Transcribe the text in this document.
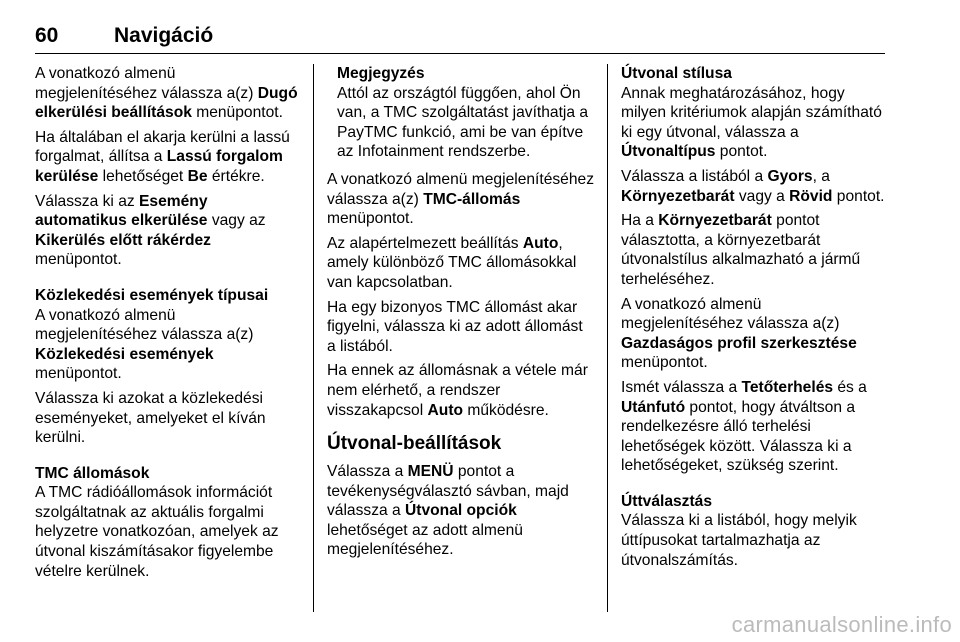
60	Navigáció

A vonatkozó almenü megjelenítéséhez válassza a(z) Dugó elkerülési beállítások menüpontot.

Ha általában el akarja kerülni a lassú forgalmat, állítsa a Lassú forgalom kerülése lehetőséget Be értékre.

Válassza ki az Esemény automatikus elkerülése vagy az Kikerülés előtt rákérdez menüpontot.

Közlekedési események típusai
A vonatkozó almenü megjelenítéséhez válassza a(z) Közlekedési események menüpontot.

Válassza ki azokat a közlekedési eseményeket, amelyeket el kíván kerülni.

TMC állomások
A TMC rádióállomások információt szolgáltatnak az aktuális forgalmi helyzetre vonatkozóan, amelyek az útvonal kiszámításakor figyelembe vételre kerülnek.

Megjegyzés
Attól az országtól függően, ahol Ön van, a TMC szolgáltatást javíthatja a PayTMC funkció, ami be van építve az Infotainment rendszerbe.

A vonatkozó almenü megjelenítéséhez válassza a(z) TMC-állomás menüpontot.

Az alapértelmezett beállítás Auto, amely különböző TMC állomásokkal van kapcsolatban.

Ha egy bizonyos TMC állomást akar figyelni, válassza ki az adott állomást a listából.

Ha ennek az állomásnak a vétele már nem elérhető, a rendszer visszakapcsol Auto működésre.

Útvonal-beállítások

Válassza a MENÜ pontot a tevékenységválasztó sávban, majd válassza a Útvonal opciók lehetőséget az adott almenü megjelenítéséhez.

Útvonal stílusa
Annak meghatározásához, hogy milyen kritériumok alapján számítható ki egy útvonal, válassza a Útvonaltípus pontot.

Válassza a listából a Gyors, a Környezetbarát vagy a Rövid pontot.

Ha a Környezetbarát pontot választotta, a környezetbarát útvonalstílus alkalmazható a jármű terheléséhez.

A vonatkozó almenü megjelenítéséhez válassza a(z) Gazdaságos profil szerkesztése menüpontot.

Ismét válassza a Tetőterhelés és a Utánfutó pontot, hogy átváltson a rendelkezésre álló terhelési lehetőségek között. Válassza ki a lehetőségeket, szükség szerint.

Úttválasztás
Válassza ki a listából, hogy melyik úttípusokat tartalmazhatja az útvonalszámítás.

carmanualsonline.info
